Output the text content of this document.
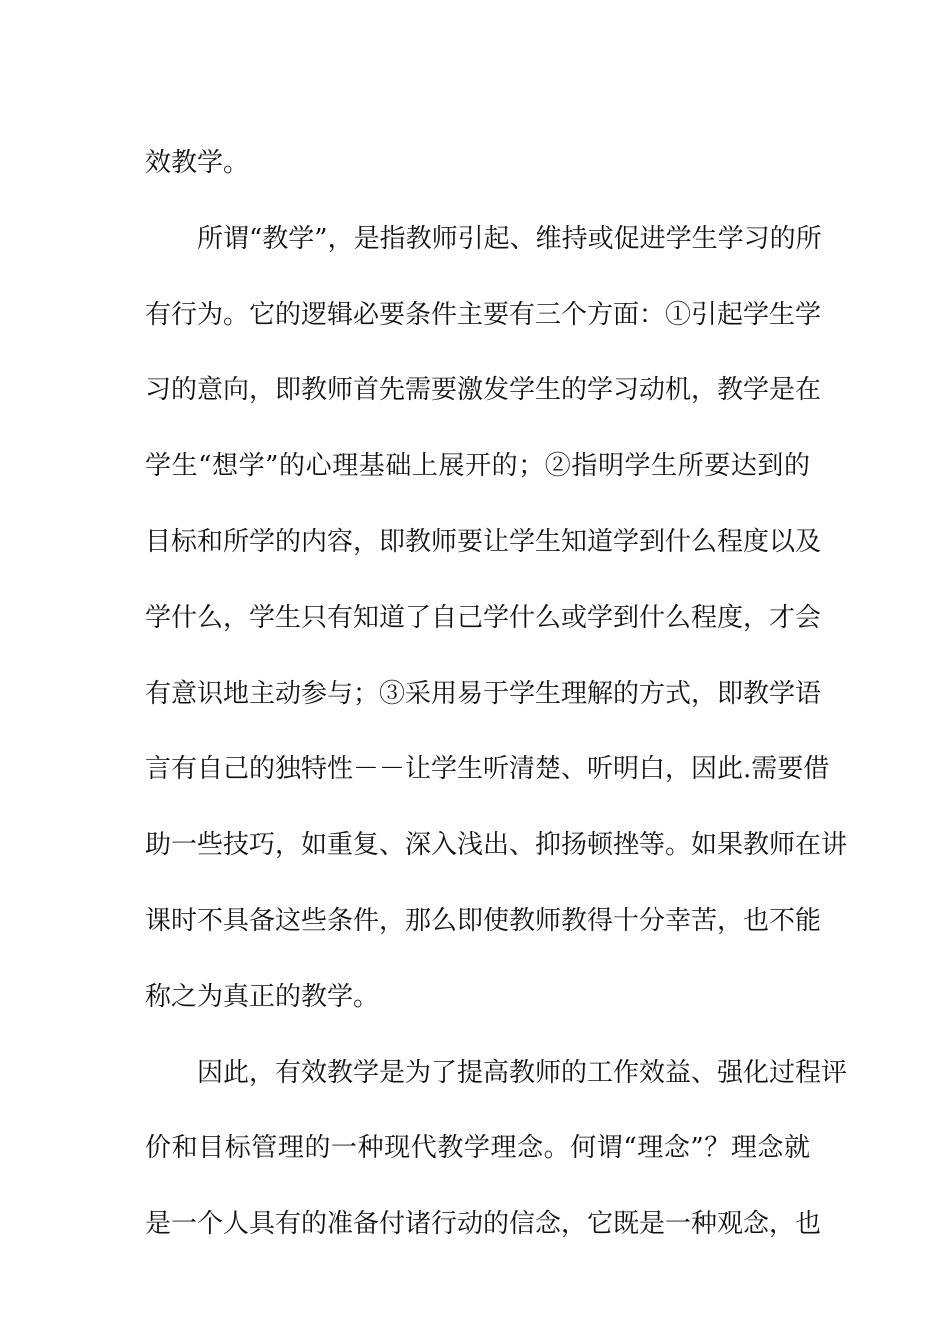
效教学。
所谓“教学”，是指教师引起、维持或促进学生学习的所
有行为。它的逻辑必要条件主要有三个方面：①引起学生学
习的意向，即教师首先需要激发学生的学习动机，教学是在
学生“想学”的心理基础上展开的；②指明学生所要达到的
目标和所学的内容，即教师要让学生知道学到什么程度以及
学什么，学生只有知道了自己学什么或学到什么程度，才会
有意识地主动参与；③采用易于学生理解的方式，即教学语
言有自己的独特性－－让学生听清楚、听明白，因此.需要借
助一些技巧，如重复、深入浅出、抑扬顿挫等。如果教师在讲
课时不具备这些条件，那么即使教师教得十分幸苦，也不能
称之为真正的教学。
因此，有效教学是为了提高教师的工作效益、强化过程评
价和目标管理的一种现代教学理念。何谓“理念”？理念就
是一个人具有的准备付诸行动的信念，它既是一种观念，也
